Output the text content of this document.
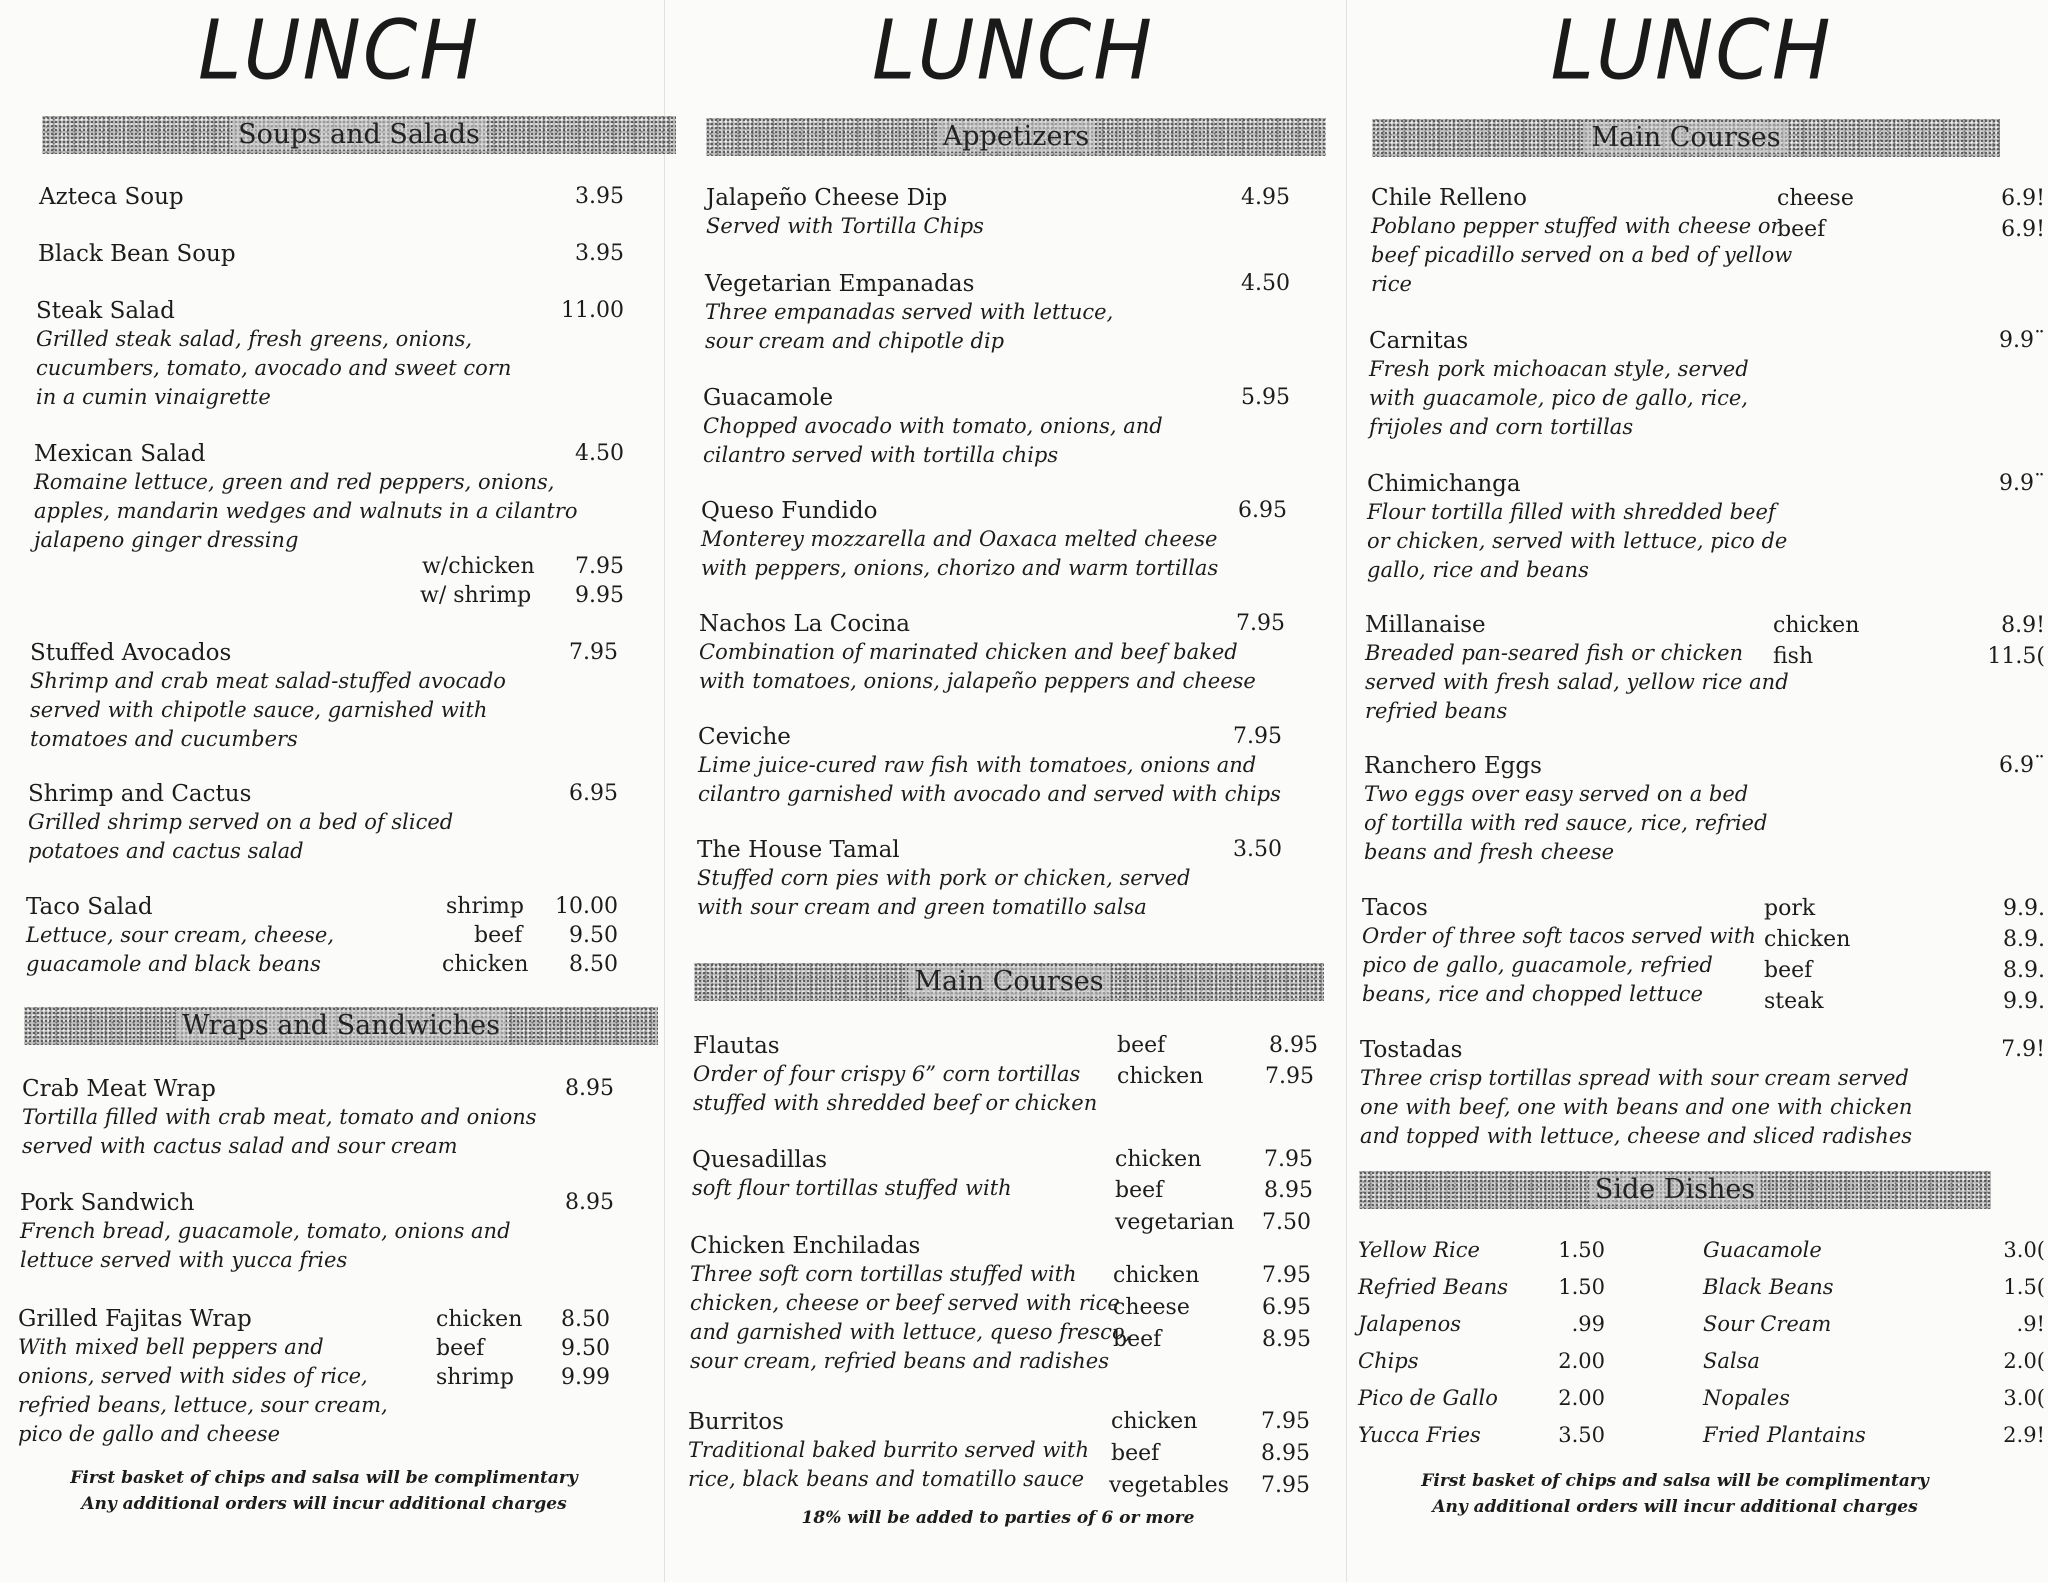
LUNCH
Soups and Salads
Wraps and Sandwiches
Azteca Soup	3.95
Black Bean Soup	3.95
Steak Salad
Grilled steak salad, fresh greens, onions,
cucumbers, tomato, avocado and sweet corn
in a cumin vinaigrette
11.00
Mexican Salad
Romaine lettuce, green and red peppers, onions,
apples, mandarin wedges and walnuts in a cilantro
jalapeno ginger dressing
4.50
w/chicken	7.95
w/ shrimp	9.95
Stuffed Avocados
Shrimp and crab meat salad-stuffed avocado
served with chipotle sauce, garnished with
tomatoes and cucumbers
7.95
Shrimp and Cactus
Grilled shrimp served on a bed of sliced
potatoes and cactus salad
6.95
Taco Salad
Lettuce, sour cream, cheese,
guacamole and black beans
shrimp	10.00
beef	9.50
chicken	8.50
Crab Meat Wrap
Tortilla filled with crab meat, tomato and onions
served with cactus salad and sour cream
8.95
Pork Sandwich
French bread, guacamole, tomato, onions and
lettuce served with yucca fries
8.95
Grilled Fajitas Wrap
With mixed bell peppers and
onions, served with sides of rice,
refried beans, lettuce, sour cream,
pico de gallo and cheese
chicken	8.50
beef	9.50
shrimp	9.99
First basket of chips and salsa will be complimentary
Any additional orders will incur additional charges
LUNCH
Appetizers
Main Courses
Jalapeño Cheese Dip
Served with Tortilla Chips
4.95
Vegetarian Empanadas
Three empanadas served with lettuce,
sour cream and chipotle dip
4.50
Guacamole
Chopped avocado with tomato, onions, and
cilantro served with tortilla chips
5.95
Queso Fundido
Monterey mozzarella and Oaxaca melted cheese
with peppers, onions, chorizo and warm tortillas
6.95
Nachos La Cocina
Combination of marinated chicken and beef baked
with tomatoes, onions, jalapeño peppers and cheese
7.95
Ceviche
Lime juice-cured raw fish with tomatoes, onions and
cilantro garnished with avocado and served with chips
7.95
The House Tamal
Stuffed corn pies with pork or chicken, served
with sour cream and green tomatillo salsa
3.50
Flautas
Order of four crispy 6” corn tortillas
stuffed with shredded beef or chicken
beef	8.95
chicken	7.95
Quesadillas
soft flour tortillas stuffed with
chicken	7.95
beef	8.95
vegetarian	7.50
Chicken Enchiladas
Three soft corn tortillas stuffed with
chicken, cheese or beef served with rice
and garnished with lettuce, queso fresco,
sour cream, refried beans and radishes
chicken	7.95
cheese	6.95
beef	8.95
Burritos
Traditional baked burrito served with
rice, black beans and tomatillo sauce
chicken	7.95
beef	8.95
vegetables	7.95
18% will be added to parties of 6 or more
LUNCH
Main Courses
Side Dishes
Chile Relleno
Poblano pepper stuffed with cheese or
beef picadillo served on a bed of yellow
rice
cheese	6.9!
beef	6.9!
Carnitas
Fresh pork michoacan style, served
with guacamole, pico de gallo, rice,
frijoles and corn tortillas
9.9¨
Chimichanga
Flour tortilla filled with shredded beef
or chicken, served with lettuce, pico de
gallo, rice and beans
9.9¨
Millanaise
Breaded pan-seared fish or chicken
served with fresh salad, yellow rice and
refried beans
chicken	8.9!
fish	11.5(
Ranchero Eggs
Two eggs over easy served on a bed
of tortilla with red sauce, rice, refried
beans and fresh cheese
6.9¨
Tacos
Order of three soft tacos served with
pico de gallo, guacamole, refried
beans, rice and chopped lettuce
pork	9.9.
chicken	8.9.
beef	8.9.
steak	9.9.
Tostadas
Three crisp tortillas spread with sour cream served
one with beef, one with beans and one with chicken
and topped with lettuce, cheese and sliced radishes
7.9!
Yellow Rice	1.50
Refried Beans	1.50
Jalapenos	.99
Chips	2.00
Pico de Gallo	2.00
Yucca Fries	3.50
Guacamole	3.0(
Black Beans	1.5(
Sour Cream	.9!
Salsa	2.0(
Nopales	3.0(
Fried Plantains	2.9!
First basket of chips and salsa will be complimentary
Any additional orders will incur additional charges
